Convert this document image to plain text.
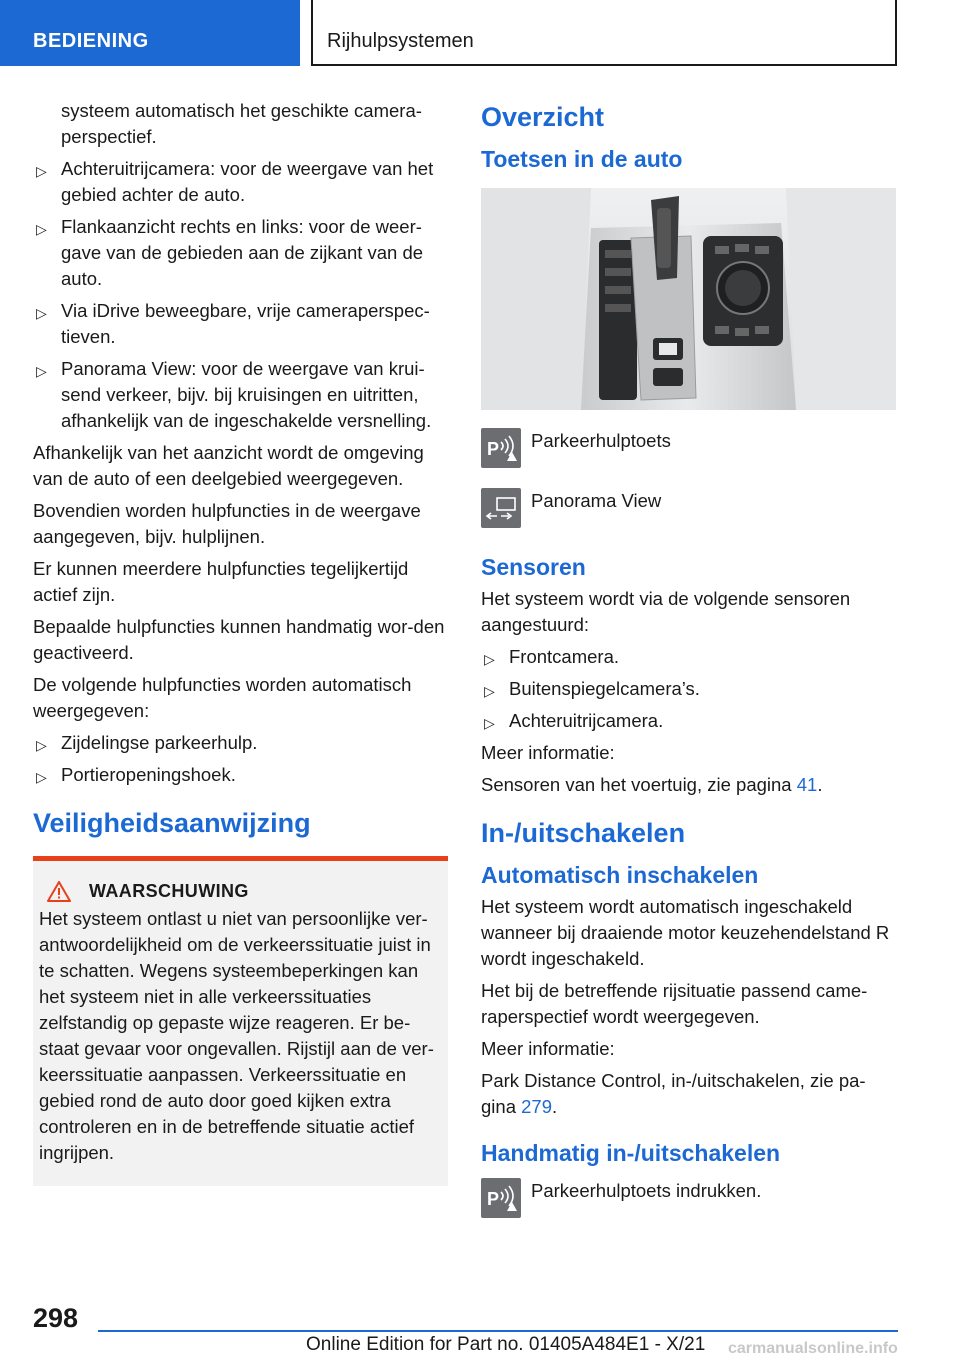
BEDIENING	Rijhulpsystemen
systeem automatisch het geschikte camera-perspectief.
▷ Achteruitrijcamera: voor de weergave van het gebied achter de auto.
▷ Flankaanzicht rechts en links: voor de weer-gave van de gebieden aan de zijkant van de auto.
▷ Via iDrive beweegbare, vrije cameraperspec-tieven.
▷ Panorama View: voor de weergave van krui-send verkeer, bijv. bij kruisingen en uitritten, afhankelijk van de ingeschakelde versnelling.

Afhankelijk van het aanzicht wordt de omgeving van de auto of een deelgebied weergegeven.

Bovendien worden hulpfuncties in de weergave aangegeven, bijv. hulplijnen.

Er kunnen meerdere hulpfuncties tegelijkertijd actief zijn.

Bepaalde hulpfuncties kunnen handmatig wor-den geactiveerd.

De volgende hulpfuncties worden automatisch weergegeven:

▷ Zijdelingse parkeerhulp.
▷ Portieropeningshoek.
Veiligheidsaanwijzing
WAARSCHUWING
Het systeem ontlast u niet van persoonlijke ver-antwoordelijkheid om de verkeerssituatie juist in te schatten. Wegens systeembeperkingen kan het systeem niet in alle verkeerssituaties zelfstandig op gepaste wijze reageren. Er be-staat gevaar voor ongevallen. Rijstijl aan de ver-keerssituatie aanpassen. Verkeerssituatie en gebied rond de auto door goed kijken extra controleren en in de betreffende situatie actief ingrijpen.
Overzicht
Toetsen in de auto
P Parkeerhulptoets
Panorama View
Sensoren

Het systeem wordt via de volgende sensoren aangestuurd:

▷ Frontcamera.
▷ Buitenspiegelcamera’s.
▷ Achteruitrijcamera.

Meer informatie:

Sensoren van het voertuig, zie pagina 41.

In-/uitschakelen
Automatisch inschakelen

Het systeem wordt automatisch ingeschakeld wanneer bij draaiende motor keuzehendelstand R wordt ingeschakeld.

Het bij de betreffende rijsituatie passend came-raperspectief wordt weergegeven.

Meer informatie:

Park Distance Control, in-/uitschakelen, zie pa-gina 279.

Handmatig in-/uitschakelen
P Parkeerhulptoets indrukken.
298
Online Edition for Part no. 01405A484E1 - X/21 carmanualsonline.info
